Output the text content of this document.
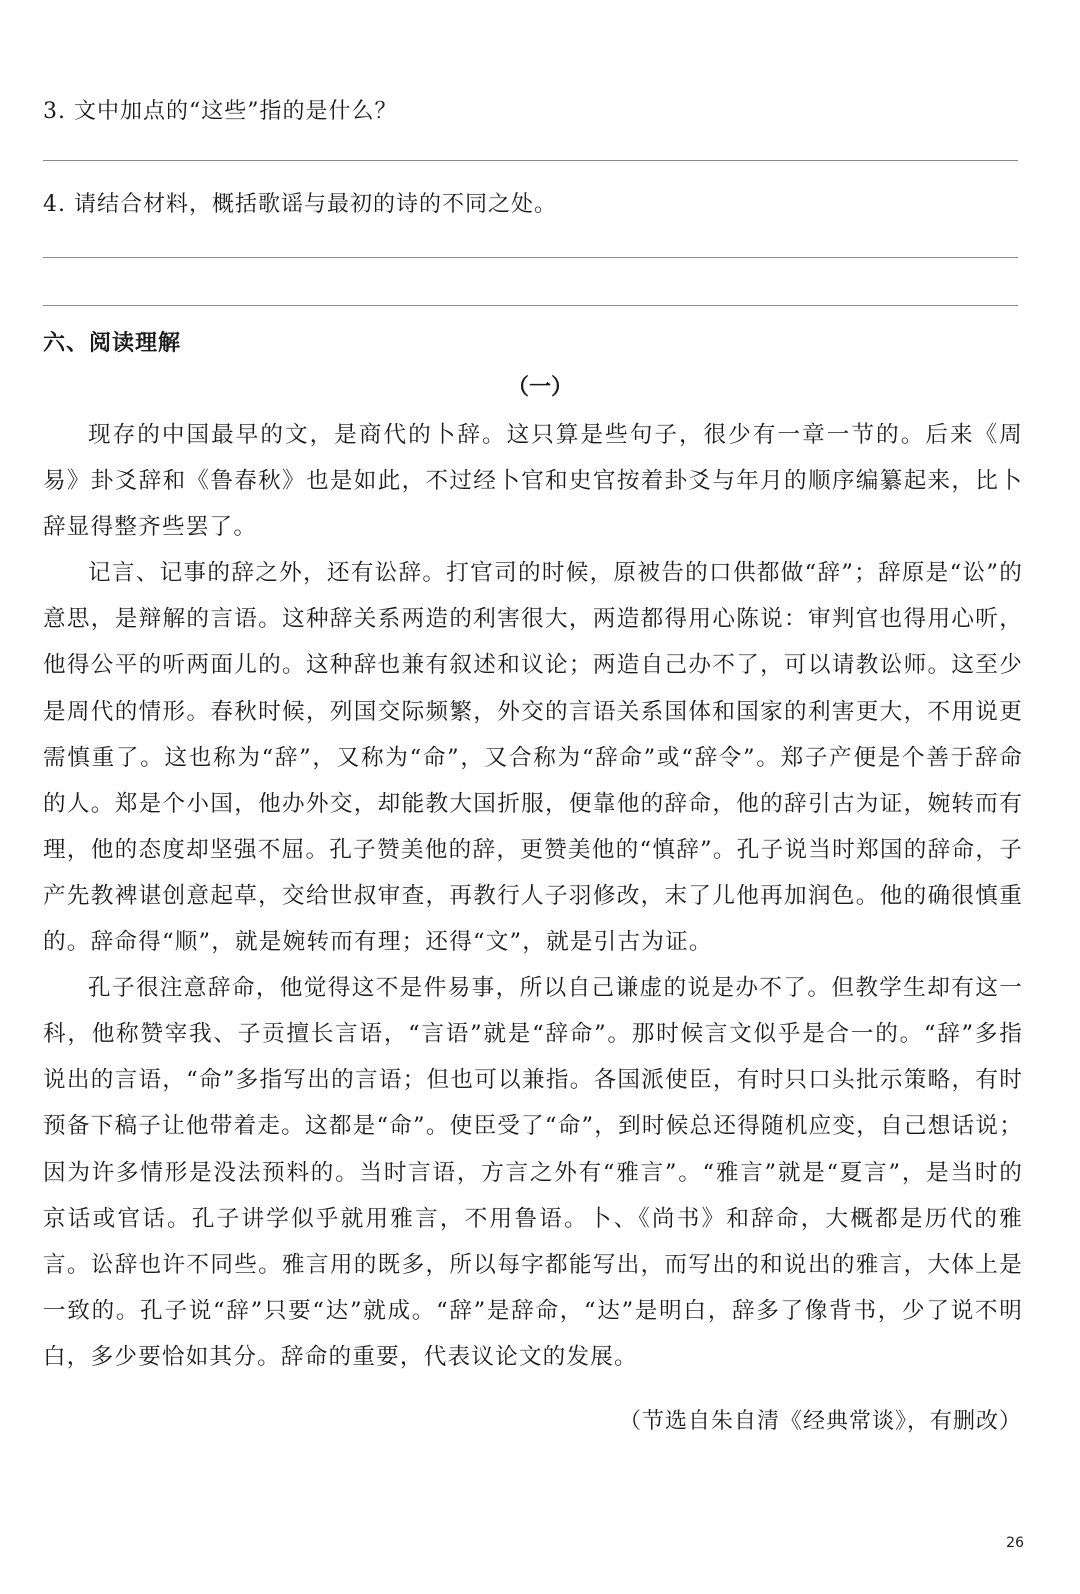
3. 文中加点的“这些”指的是什么？
4. 请结合材料，概括歌谣与最初的诗的不同之处。
六、阅读理解
（一）

现存的中国最早的文，是商代的卜辞。这只算是些句子，很少有一章一节的。后来《周易》卦爻辞和《鲁春秋》也是如此，不过经卜官和史官按着卦爻与年月的顺序编纂起来，比卜辞显得整齐些罢了。

记言、记事的辞之外，还有讼辞。打官司的时候，原被告的口供都做“辞”；辞原是“讼”的意思，是辩解的言语。这种辞关系两造的利害很大，两造都得用心陈说：审判官也得用心听，他得公平的听两面儿的。这种辞也兼有叙述和议论；两造自己办不了，可以请教讼师。这至少是周代的情形。春秋时候，列国交际频繁，外交的言语关系国体和国家的利害更大，不用说更需慎重了。这也称为“辞”，又称为“命”，又合称为“辞命”或“辞令”。郑子产便是个善于辞命的人。郑是个小国，他办外交，却能教大国折服，便靠他的辞命，他的辞引古为证，婉转而有理，他的态度却坚强不屈。孔子赞美他的辞，更赞美他的“慎辞”。孔子说当时郑国的辞命，子产先教裨谌创意起草，交给世叔审查，再教行人子羽修改，末了儿他再加润色。他的确很慎重的。辞命得“顺”，就是婉转而有理；还得“文”，就是引古为证。

孔子很注意辞命，他觉得这不是件易事，所以自己谦虚的说是办不了。但教学生却有这一科，他称赞宰我、子贡擅长言语，“言语”就是“辞命”。那时候言文似乎是合一的。“辞”多指说出的言语，“命”多指写出的言语；但也可以兼指。各国派使臣，有时只口头批示策略，有时预备下稿子让他带着走。这都是“命”。使臣受了“命”，到时候总还得随机应变，自己想话说；因为许多情形是没法预料的。当时言语，方言之外有“雅言”。“雅言”就是“夏言”，是当时的京话或官话。孔子讲学似乎就用雅言，不用鲁语。卜、《尚书》和辞命，大概都是历代的雅言。讼辞也许不同些。雅言用的既多，所以每字都能写出，而写出的和说出的雅言，大体上是一致的。孔子说“辞”只要“达”就成。“辞”是辞命，“达”是明白，辞多了像背书，少了说不明白，多少要恰如其分。辞命的重要，代表议论文的发展。

（节选自朱自清《经典常谈》，有删改）
26
